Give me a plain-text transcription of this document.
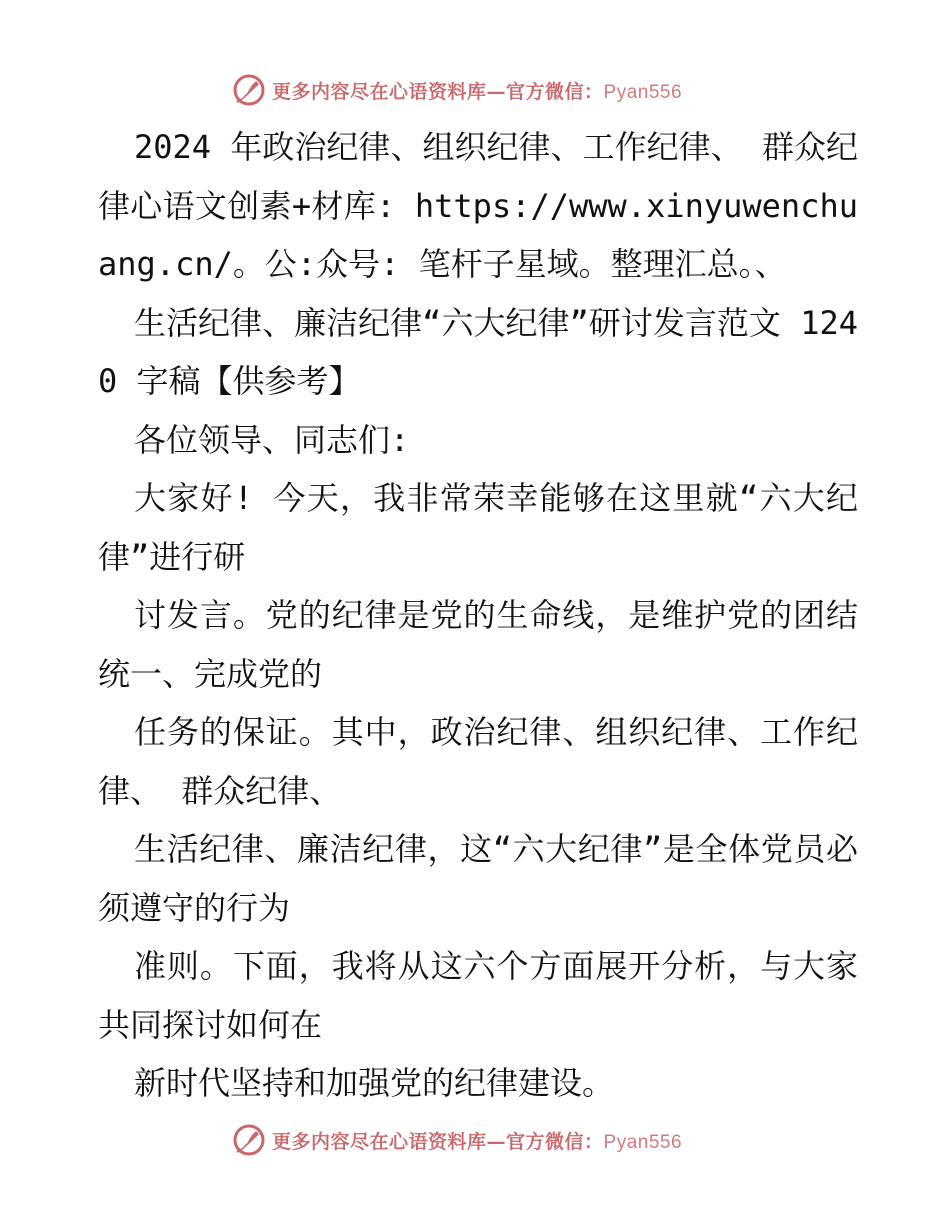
更多内容尽在心语资料库—官方微信：Pyan556

2024 年政治纪律、组织纪律、工作纪律、 群众纪律心语文创素+材库: https://www.xinyuwenchuang.cn/。公:众号: 笔杆子星域。整理汇总。、

生活纪律、廉洁纪律“六大纪律”研讨发言范文 1240 字稿【供参考】

各位领导、同志们:

大家好! 今天，我非常荣幸能够在这里就“六大纪律”进行研

讨发言。党的纪律是党的生命线，是维护党的团结统一、完成党的

任务的保证。其中，政治纪律、组织纪律、工作纪律、 群众纪律、

生活纪律、廉洁纪律，这“六大纪律”是全体党员必须遵守的行为

准则。下面，我将从这六个方面展开分析，与大家共同探讨如何在

新时代坚持和加强党的纪律建设。

更多内容尽在心语资料库—官方微信：Pyan556
